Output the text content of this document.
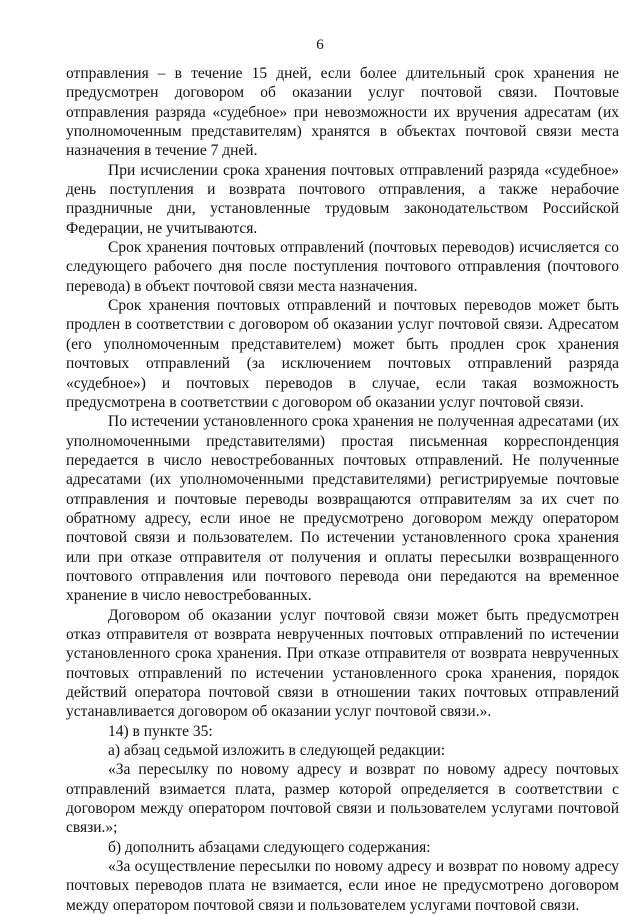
6

отправления – в течение 15 дней, если более длительный срок хранения не предусмотрен договором об оказании услуг почтовой связи. Почтовые отправления разряда «судебное» при невозможности их вручения адресатам (их уполномоченным представителям) хранятся в объектах почтовой связи места назначения в течение 7 дней.

При исчислении срока хранения почтовых отправлений разряда «судебное» день поступления и возврата почтового отправления, а также нерабочие праздничные дни, установленные трудовым законодательством Российской Федерации, не учитываются.

Срок хранения почтовых отправлений (почтовых переводов) исчисляется со следующего рабочего дня после поступления почтового отправления (почтового перевода) в объект почтовой связи места назначения.

Срок хранения почтовых отправлений и почтовых переводов может быть продлен в соответствии с договором об оказании услуг почтовой связи. Адресатом (его уполномоченным представителем) может быть продлен срок хранения почтовых отправлений (за исключением почтовых отправлений разряда «судебное») и почтовых переводов в случае, если такая возможность предусмотрена в соответствии с договором об оказании услуг почтовой связи.

По истечении установленного срока хранения не полученная адресатами (их уполномоченными представителями) простая письменная корреспонденция передается в число невостребованных почтовых отправлений. Не полученные адресатами (их уполномоченными представителями) регистрируемые почтовые отправления и почтовые переводы возвращаются отправителям за их счет по обратному адресу, если иное не предусмотрено договором между оператором почтовой связи и пользователем. По истечении установленного срока хранения или при отказе отправителя от получения и оплаты пересылки возвращенного почтового отправления или почтового перевода они передаются на временное хранение в число невостребованных.

Договором об оказании услуг почтовой связи может быть предусмотрен отказ отправителя от возврата неврученных почтовых отправлений по истечении установленного срока хранения. При отказе отправителя от возврата неврученных почтовых отправлений по истечении установленного срока хранения, порядок действий оператора почтовой связи в отношении таких почтовых отправлений устанавливается договором об оказании услуг почтовой связи.».

14) в пункте 35:

а) абзац седьмой изложить в следующей редакции:

«За пересылку по новому адресу и возврат по новому адресу почтовых отправлений взимается плата, размер которой определяется в соответствии с договором между оператором почтовой связи и пользователем услугами почтовой связи.»;

б) дополнить абзацами следующего содержания:

«За осуществление пересылки по новому адресу и возврат по новому адресу почтовых переводов плата не взимается, если иное не предусмотрено договором между оператором почтовой связи и пользователем услугами почтовой связи.
